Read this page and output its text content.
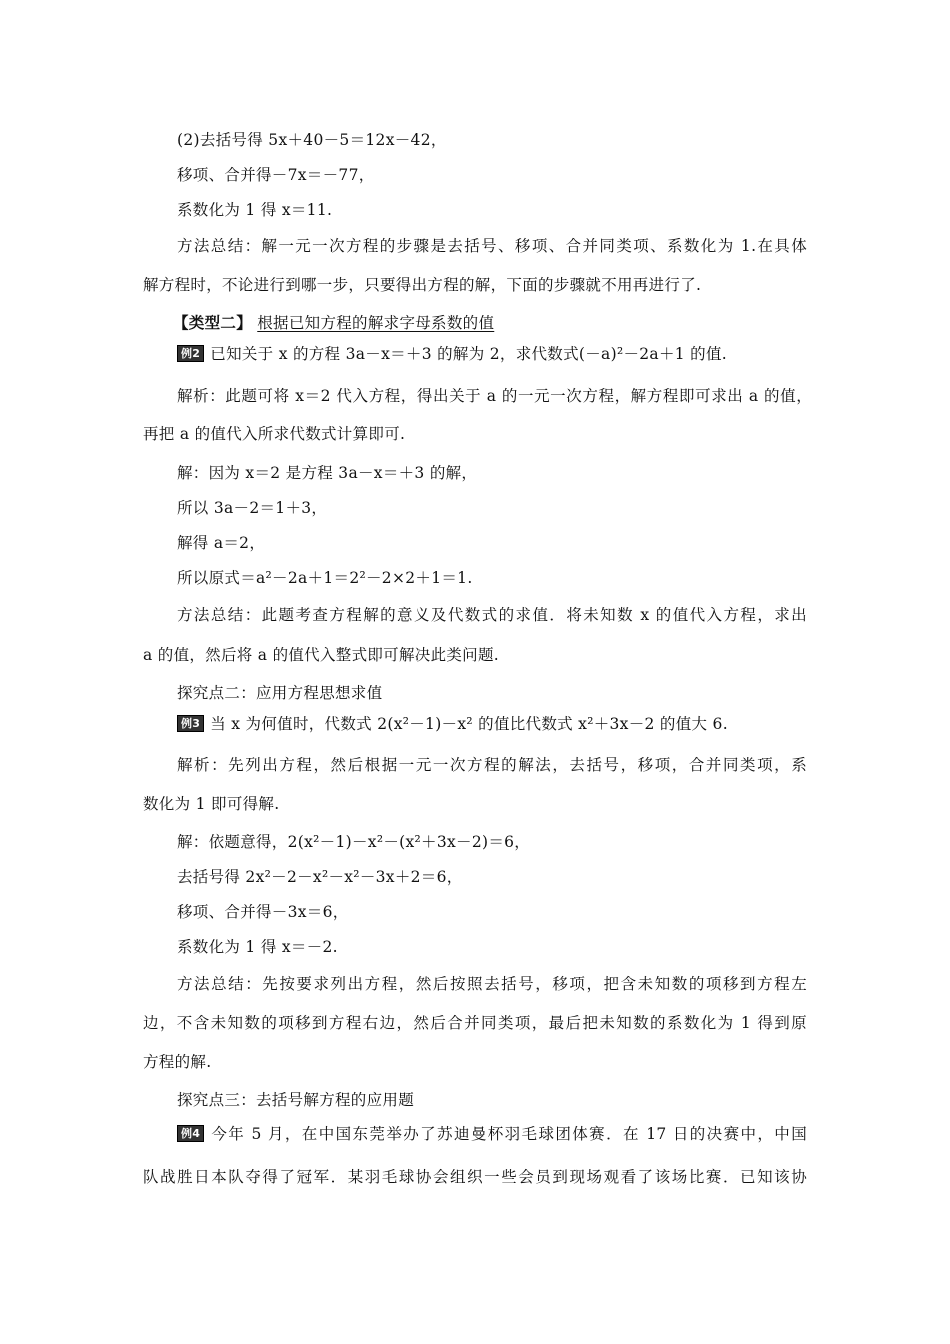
(2)去括号得 5x＋40－5＝12x－42，
移项、合并得－7x＝－77，
系数化为 1 得 x＝11.
方法总结：解一元一次方程的步骤是去括号、移项、合并同类项、系数化为 1.在具体
解方程时，不论进行到哪一步，只要得出方程的解，下面的步骤就不用再进行了.
【类型二】 根据已知方程的解求字母系数的值
例2 已知关于 x 的方程 3a－x＝＋3 的解为 2，求代数式(－a)²－2a＋1 的值.
解析：此题可将 x＝2 代入方程，得出关于 a 的一元一次方程，解方程即可求出 a 的值，
再把 a 的值代入所求代数式计算即可.
解：因为 x＝2 是方程 3a－x＝＋3 的解，
所以 3a－2＝1＋3，
解得 a＝2，
所以原式＝a²－2a＋1＝2²－2×2＋1＝1.
方法总结：此题考查方程解的意义及代数式的求值．将未知数 x 的值代入方程，求出
a 的值，然后将 a 的值代入整式即可解决此类问题.
探究点二：应用方程思想求值
例3 当 x 为何值时，代数式 2(x²－1)－x² 的值比代数式 x²＋3x－2 的值大 6.
解析：先列出方程，然后根据一元一次方程的解法，去括号，移项，合并同类项，系
数化为 1 即可得解.
解：依题意得，2(x²－1)－x²－(x²＋3x－2)＝6，
去括号得 2x²－2－x²－x²－3x＋2＝6，
移项、合并得－3x＝6，
系数化为 1 得 x＝－2.
方法总结：先按要求列出方程，然后按照去括号，移项，把含未知数的项移到方程左
边，不含未知数的项移到方程右边，然后合并同类项，最后把未知数的系数化为 1 得到原
方程的解.
探究点三：去括号解方程的应用题
例4 今年 5 月，在中国东莞举办了苏迪曼杯羽毛球团体赛．在 17 日的决赛中，中国
队战胜日本队夺得了冠军．某羽毛球协会组织一些会员到现场观看了该场比赛．已知该协
